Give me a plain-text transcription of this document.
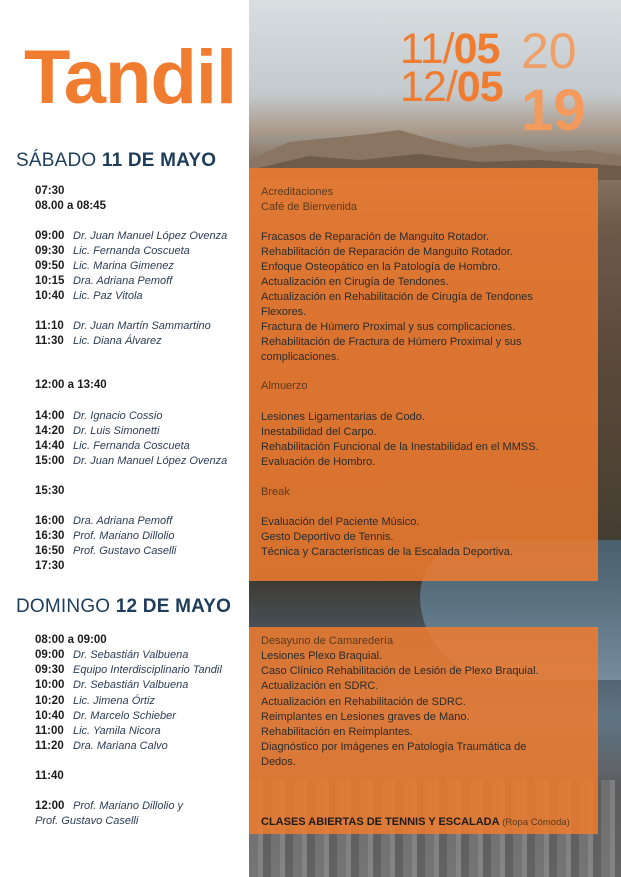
Tandil	11/05
12/05
20
19
SÁBADO 11 DE MAYO
DOMINGO 12 DE MAYO
07:30	Acreditaciones
08.00 a 08:45	Café de Bienvenida
09:00 Dr. Juan Manuel López Ovenza	Fracasos de Reparación de Manguito Rotador.
09:30 Lic. Fernanda Coscueta	Rehabilitación de Reparación de Manguito Rotador.
09:50 Lic. Marina Gimenez	Enfoque Osteopático en la Patología de Hombro.
10:15 Dra. Adriana Pemoff	Actualización en Cirugía de Tendones.
10:40 Lic. Paz Vitola	Actualización en Rehabilitación de Cirugía de Tendones Flexores.
11:10 Dr. Juan Martín Sammartino	Fractura de Húmero Proximal y sus complicaciones.
11:30 Lic. Diana Álvarez	Rehabilitación de Fractura de Húmero Proximal y sus complicaciones.
12:00 a 13:40	Almuerzo
14:00 Dr. Ignacio Cossio	Lesiones Ligamentarias de Codo.
14:20 Dr. Luis Simonetti	Inestabilidad del Carpo.
14:40 Lic. Fernanda Coscueta	Rehabilitación Funcional de la Inestabilidad en el MMSS.
15:00 Dr. Juan Manuel López Ovenza	Evaluación de Hombro.
15:30	Break
16:00 Dra. Adriana Pemoff	Evaluación del Paciente Músico.
16:30 Prof. Mariano Dillolio	Gesto Deportivo de Tennis.
16:50 Prof. Gustavo Caselli	Técnica y Características de la Escalada Deportiva.
17:30
08:00 a 09:00	Desayuno de Camaredería
09:00 Dr. Sebastián Valbuena	Lesiones Plexo Braquial.
09:30 Equipo Interdisciplinario Tandil	Caso Clínico Rehabilitación de Lesión de Plexo Braquial.
10:00 Dr. Sebastián Valbuena	Actualización en SDRC.
10:20 Lic. Jimena Órtiz	Actualización en Rehabilitación de SDRC.
10:40 Dr. Marcelo Schieber	Reimplantes en Lesiones graves de Mano.
11:00 Lic. Yamila Nicora	Rehabilitación en Reimplantes.
11:20 Dra. Mariana Calvo	Diagnóstico por Imágenes en Patología Traumática de Dedos.
11:40
12:00 Prof. Mariano Dillolio y
Prof. Gustavo Caselli	CLASES ABIERTAS DE TENNIS Y ESCALADA (Ropa Cómoda)
